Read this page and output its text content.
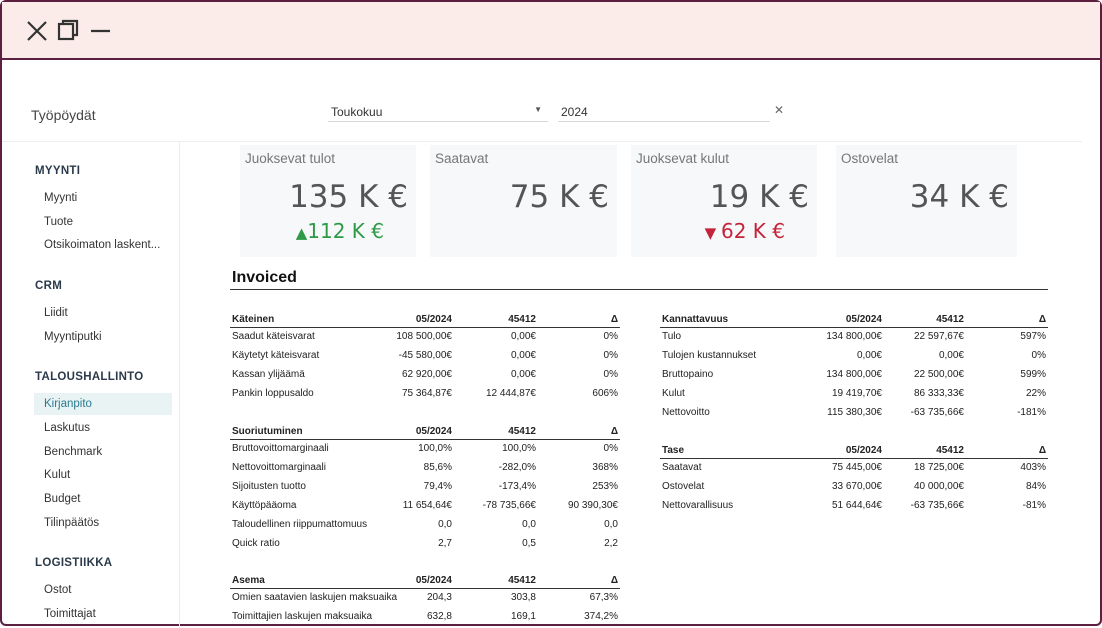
Työpöydät	Toukokuu	▼ 2024	✕
MYYNTI
Myynti
Tuote
Otsikoimaton laskent...
CRM
Liidit
Myyntiputki
TALOUSHALLINTO
Kirjanpito
Laskutus
Benchmark
Kulut
Budget
Tilinpäätös
LOGISTIIKKA
Ostot
Toimittajat
Juoksevat tulot
135 K €
▲112 K €
Saatavat
75 K €
Juoksevat kulut
19 K €
▼ 62 K €
Ostovelat
34 K €
Invoiced
Käteinen	05/2024	45412	Δ
Saadut käteisvarat	108 500,00€	0,00€	0%
Käytetyt käteisvarat	-45 580,00€	0,00€	0%
Kassan ylijäämä	62 920,00€	0,00€	0%
Pankin loppusaldo	75 364,87€	12 444,87€	606%
Suoriutuminen	05/2024	45412	Δ
Bruttovoittomarginaali	100,0%	100,0%	0%
Nettovoittomarginaali	85,6%	-282,0%	368%
Sijoitusten tuotto	79,4%	-173,4%	253%
Käyttöpääoma	11 654,64€	-78 735,66€	90 390,30€
Taloudellinen riippumattomuus	0,0	0,0	0,0
Quick ratio	2,7	0,5	2,2
Asema	05/2024	45412	Δ
Omien saatavien laskujen maksuaika	204,3	303,8	67,3%
Toimittajien laskujen maksuaika	632,8	169,1	374,2%
Kannattavuus	05/2024	45412	Δ
Tulo	134 800,00€	22 597,67€	597%
Tulojen kustannukset	0,00€	0,00€	0%
Bruttopaino	134 800,00€	22 500,00€	599%
Kulut	19 419,70€	86 333,33€	22%
Nettovoitto	115 380,30€	-63 735,66€	-181%
Tase	05/2024	45412	Δ
Saatavat	75 445,00€	18 725,00€	403%
Ostovelat	33 670,00€	40 000,00€	84%
Nettovarallisuus	51 644,64€	-63 735,66€	-81%
